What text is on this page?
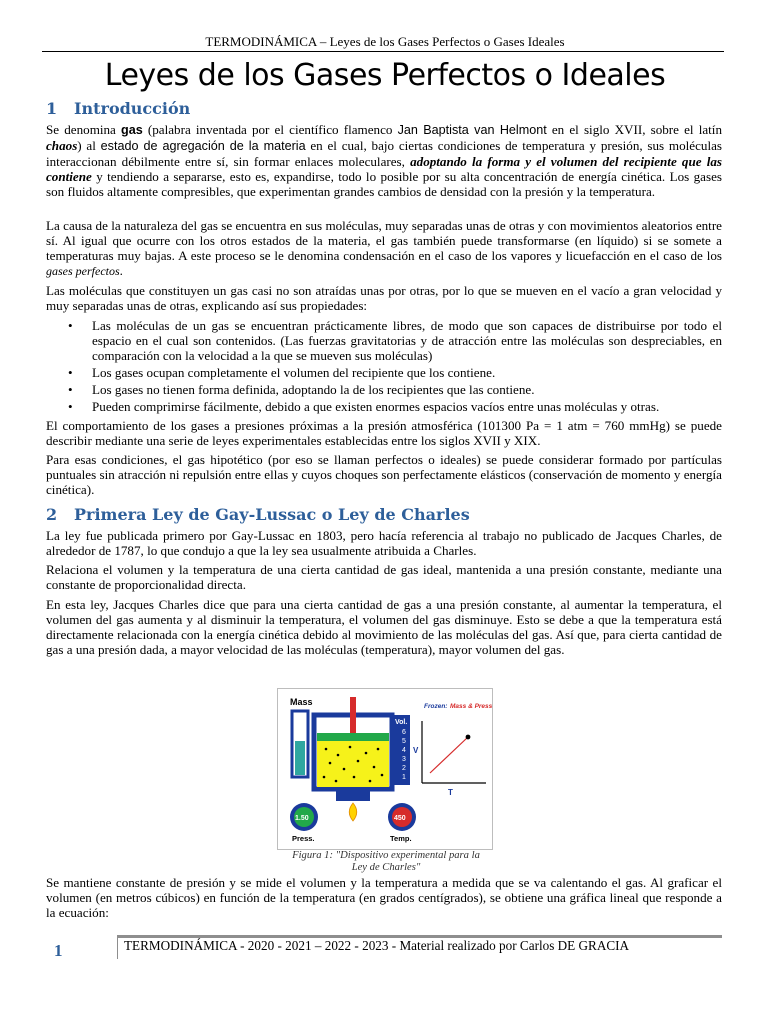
TERMODINÁMICA – Leyes de los Gases Perfectos o Gases Ideales
Leyes de los Gases Perfectos o Ideales
1 Introducción
Se denomina gas (palabra inventada por el científico flamenco Jan Baptista van Helmont en el siglo XVII, sobre el latín chaos) al estado de agregación de la materia en el cual, bajo ciertas condiciones de temperatura y presión, sus moléculas interaccionan débilmente entre sí, sin formar enlaces moleculares, adoptando la forma y el volumen del recipiente que las contiene y tendiendo a separarse, esto es, expandirse, todo lo posible por su alta concentración de energía cinética. Los gases son fluidos altamente compresibles, que experimentan grandes cambios de densidad con la presión y la temperatura.
La causa de la naturaleza del gas se encuentra en sus moléculas, muy separadas unas de otras y con movimientos aleatorios entre sí. Al igual que ocurre con los otros estados de la materia, el gas también puede transformarse (en líquido) si se somete a temperaturas muy bajas. A este proceso se le denomina condensación en el caso de los vapores y licuefacción en el caso de los gases perfectos.
Las moléculas que constituyen un gas casi no son atraídas unas por otras, por lo que se mueven en el vacío a gran velocidad y muy separadas unas de otras, explicando así sus propiedades:
• Las moléculas de un gas se encuentran prácticamente libres, de modo que son capaces de distribuirse por todo el espacio en el cual son contenidos. (Las fuerzas gravitatorias y de atracción entre las moléculas son despreciables, en comparación con la velocidad a la que se mueven sus moléculas)
• Los gases ocupan completamente el volumen del recipiente que los contiene.
• Los gases no tienen forma definida, adoptando la de los recipientes que las contiene.
• Pueden comprimirse fácilmente, debido a que existen enormes espacios vacíos entre unas moléculas y otras.
El comportamiento de los gases a presiones próximas a la presión atmosférica (101300 Pa = 1 atm = 760 mmHg) se puede describir mediante una serie de leyes experimentales establecidas entre los siglos XVII y XIX.
Para esas condiciones, el gas hipotético (por eso se llaman perfectos o ideales) se puede considerar formado por partículas puntuales sin atracción ni repulsión entre ellas y cuyos choques son perfectamente elásticos (conservación de momento y energía cinética).
2 Primera Ley de Gay-Lussac o Ley de Charles
La ley fue publicada primero por Gay-Lussac en 1803, pero hacía referencia al trabajo no publicado de Jacques Charles, de alrededor de 1787, lo que condujo a que la ley sea usualmente atribuida a Charles.
Relaciona el volumen y la temperatura de una cierta cantidad de gas ideal, mantenida a una presión constante, mediante una constante de proporcionalidad directa.
En esta ley, Jacques Charles dice que para una cierta cantidad de gas a una presión constante, al aumentar la temperatura, el volumen del gas aumenta y al disminuir la temperatura, el volumen del gas disminuye. Esto se debe a que la temperatura está directamente relacionada con la energía cinética debido al movimiento de las moléculas del gas. Así que, para cierta cantidad de gas a una presión dada, a mayor velocidad de las moléculas (temperatura), mayor volumen del gas.
Mass
Vol.
6
5
4
3
2
1
Frozen: Mass & Press.
V
T
1.50
Press.
450
Temp.
Figura 1: "Dispositivo experimental para la
Ley de Charles"
Se mantiene constante de presión y se mide el volumen y la temperatura a medida que se va calentando el gas. Al graficar el volumen (en metros cúbicos) en función de la temperatura (en grados centígrados), se obtiene una gráfica lineal que responde a la ecuación:
1	TERMODINÁMICA - 2020 - 2021 – 2022 - 2023 - Material realizado por Carlos DE GRACIA
